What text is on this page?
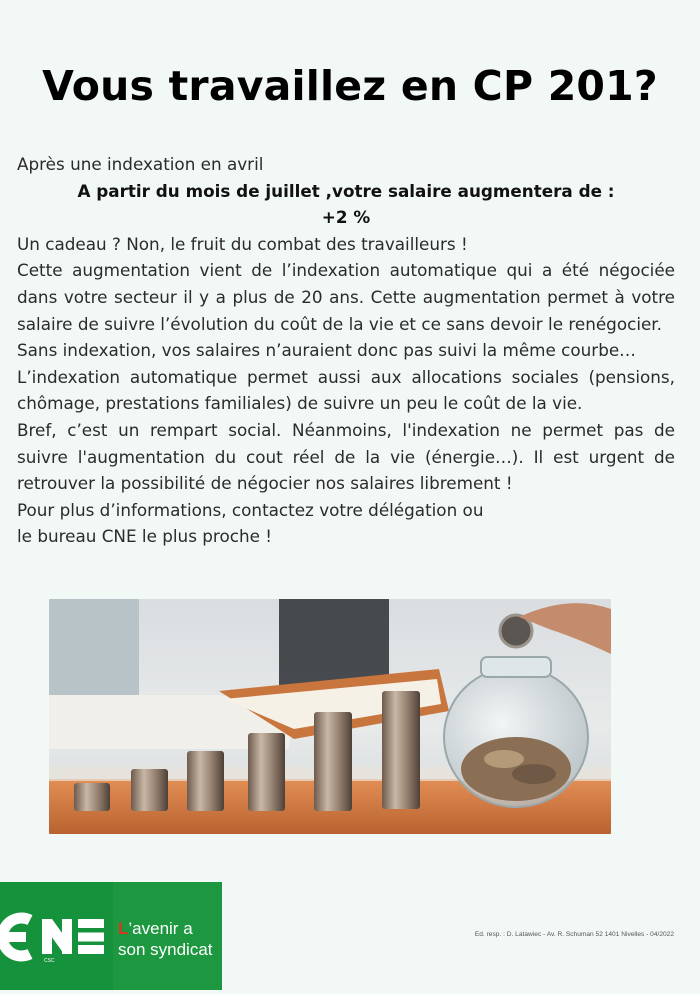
Vous travaillez en CP 201?

Après une indexation en avril

A partir du mois de juillet ,votre salaire augmentera de :

+2 %

Un cadeau ? Non, le fruit du combat des travailleurs !

Cette augmentation vient de l’indexation automatique qui a été négociée dans votre secteur il y a plus de 20 ans. Cette augmentation permet à votre salaire de suivre l’évolution du coût de la vie et ce sans devoir le renégocier.

Sans indexation, vos salaires n’auraient donc pas suivi la même courbe…

L’indexation automatique permet aussi aux allocations sociales (pensions, chômage, prestations familiales) de suivre un peu le coût de la vie.

Bref, c’est un rempart social. Néanmoins, l'indexation ne permet pas de suivre l'augmentation du cout réel de la vie (énergie…). Il est urgent de retrouver la possibilité de négocier nos salaires librement !

Pour plus d’informations, contactez votre délégation ou

le bureau CNE le plus proche !

CSC
L’avenir a
son syndicat
Ed. resp. : D. Latawiec - Av. R. Schuman 52 1401 Nivelles - 04/2022
